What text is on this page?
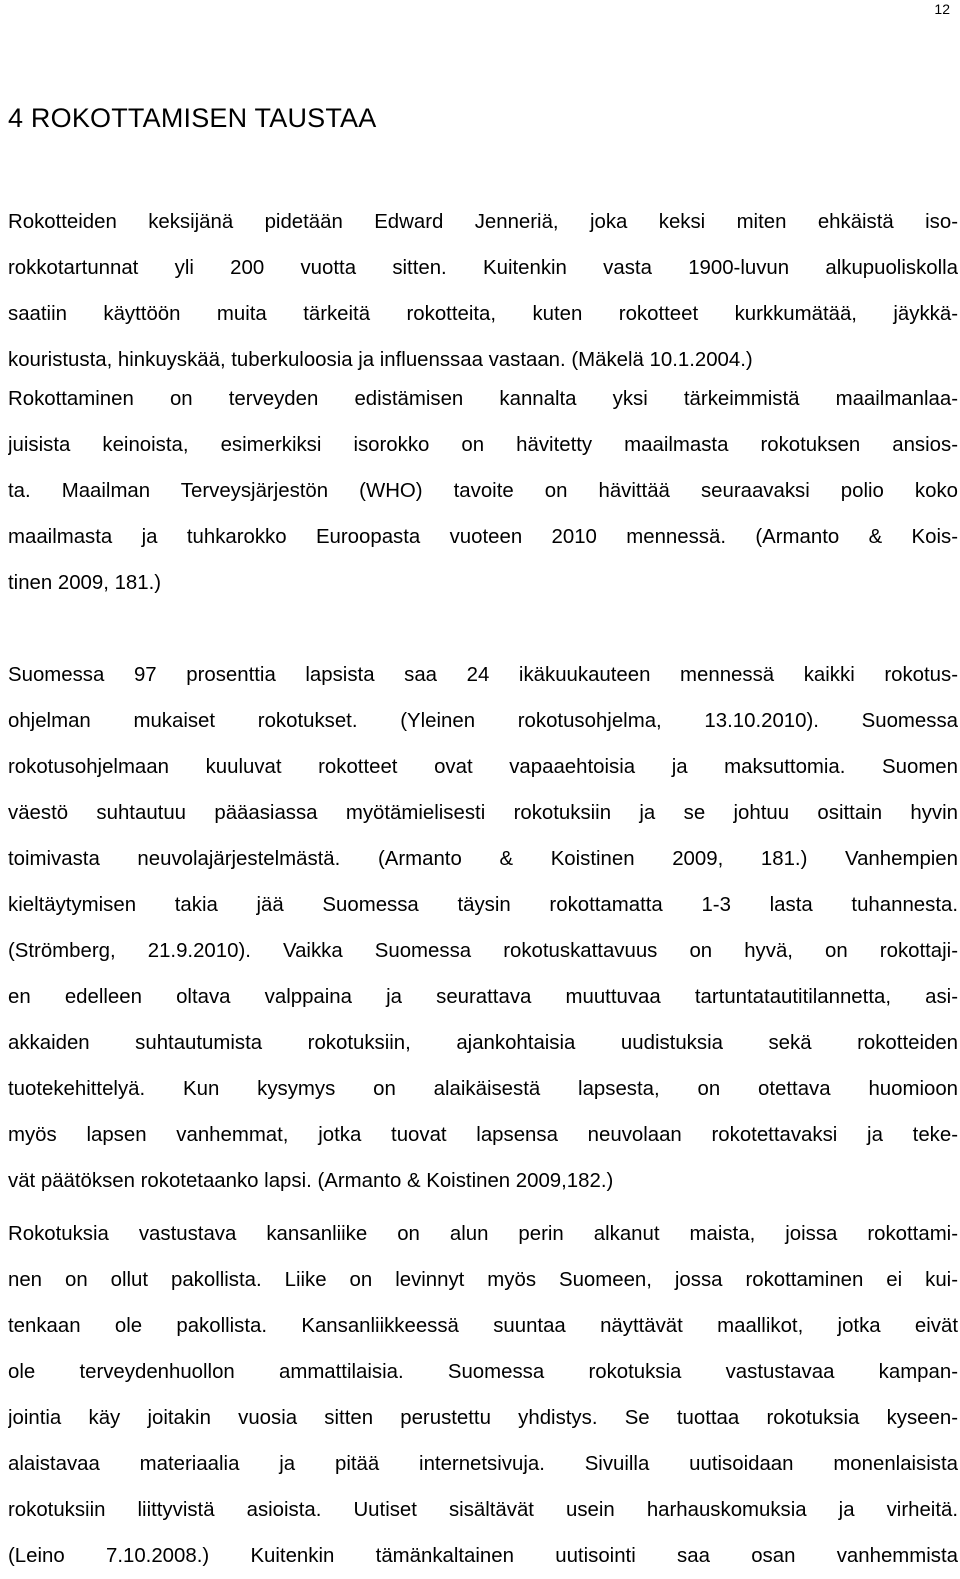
12
4 ROKOTTAMISEN TAUSTAA
Rokotteiden keksijänä pidetään Edward Jenneriä, joka keksi miten ehkäistä iso-
rokkotartunnat yli 200 vuotta sitten. Kuitenkin vasta 1900-luvun alkupuoliskolla
saatiin käyttöön muita tärkeitä rokotteita, kuten rokotteet kurkkumätää, jäykkä-
kouristusta, hinkuyskää, tuberkuloosia ja influenssaa vastaan. (Mäkelä 10.1.2004.)
Rokottaminen on terveyden edistämisen kannalta yksi tärkeimmistä maailmanlaa-
juisista keinoista, esimerkiksi isorokko on hävitetty maailmasta rokotuksen ansios-
ta. Maailman Terveysjärjestön (WHO) tavoite on hävittää seuraavaksi polio koko
maailmasta ja tuhkarokko Euroopasta vuoteen 2010 mennessä. (Armanto & Kois-
tinen 2009, 181.)
Suomessa 97 prosenttia lapsista saa 24 ikäkuukauteen mennessä kaikki rokotus-
ohjelman mukaiset rokotukset. (Yleinen rokotusohjelma, 13.10.2010). Suomessa
rokotusohjelmaan kuuluvat rokotteet ovat vapaaehtoisia ja maksuttomia. Suomen
väestö suhtautuu pääasiassa myötämielisesti rokotuksiin ja se johtuu osittain hyvin
toimivasta neuvolajärjestelmästä. (Armanto & Koistinen 2009, 181.) Vanhempien
kieltäytymisen takia jää Suomessa täysin rokottamatta 1-3 lasta tuhannesta.
(Strömberg, 21.9.2010). Vaikka Suomessa rokotuskattavuus on hyvä, on rokottaji-
en edelleen oltava valppaina ja seurattava muuttuvaa tartuntatautitilannetta, asi-
akkaiden suhtautumista rokotuksiin, ajankohtaisia uudistuksia sekä rokotteiden
tuotekehittelyä. Kun kysymys on alaikäisestä lapsesta, on otettava huomioon
myös lapsen vanhemmat, jotka tuovat lapsensa neuvolaan rokotettavaksi ja teke-
vät päätöksen rokotetaanko lapsi. (Armanto & Koistinen 2009,182.)
Rokotuksia vastustava kansanliike on alun perin alkanut maista, joissa rokottami-
nen on ollut pakollista. Liike on levinnyt myös Suomeen, jossa rokottaminen ei kui-
tenkaan ole pakollista. Kansanliikkeessä suuntaa näyttävät maallikot, jotka eivät
ole terveydenhuollon ammattilaisia. Suomessa rokotuksia vastustavaa kampan-
jointia käy joitakin vuosia sitten perustettu yhdistys. Se tuottaa rokotuksia kyseen-
alaistavaa materiaalia ja pitää internetsivuja. Sivuilla uutisoidaan monenlaisista
rokotuksiin liittyvistä asioista. Uutiset sisältävät usein harhauskomuksia ja virheitä.
(Leino 7.10.2008.) Kuitenkin tämänkaltainen uutisointi saa osan vanhemmista
